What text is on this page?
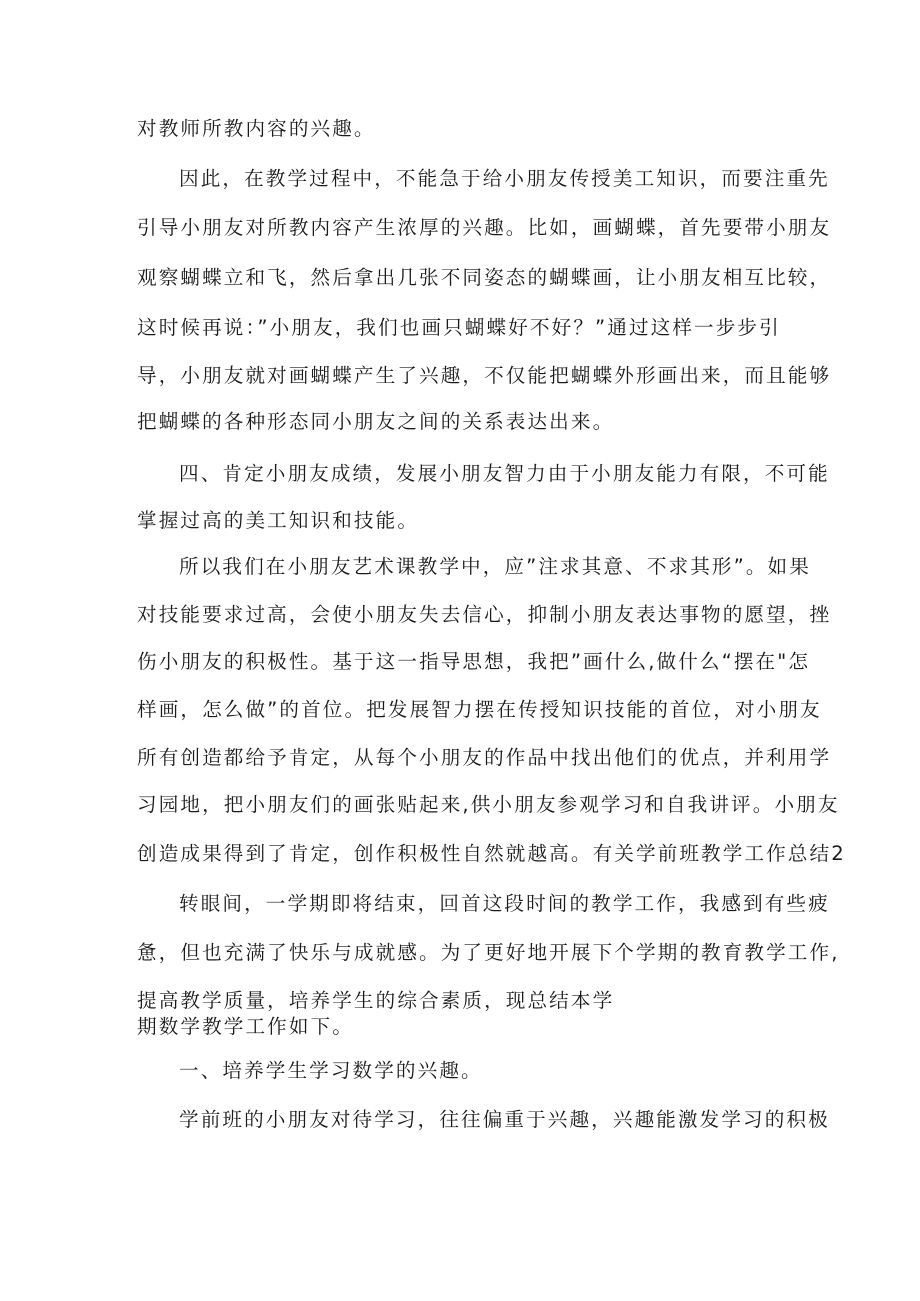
对教师所教内容的兴趣。

因此，在教学过程中，不能急于给小朋友传授美工知识，而要注重先

引导小朋友对所教内容产生浓厚的兴趣。比如，画蝴蝶，首先要带小朋友

观察蝴蝶立和飞，然后拿出几张不同姿态的蝴蝶画，让小朋友相互比较，

这时候再说：”小朋友，我们也画只蝴蝶好不好？”通过这样一步步引

导，小朋友就对画蝴蝶产生了兴趣，不仅能把蝴蝶外形画出来，而且能够

把蝴蝶的各种形态同小朋友之间的关系表达出来。

四、肯定小朋友成绩，发展小朋友智力由于小朋友能力有限，不可能

掌握过高的美工知识和技能。

所以我们在小朋友艺术课教学中，应”注求其意、不求其形”。如果

对技能要求过高，会使小朋友失去信心，抑制小朋友表达事物的愿望，挫

伤小朋友的积极性。基于这一指导思想，我把”画什么,做什么“摆在"怎

样画，怎么做”的首位。把发展智力摆在传授知识技能的首位，对小朋友

所有创造都给予肯定，从每个小朋友的作品中找出他们的优点，并利用学

习园地，把小朋友们的画张贴起来,供小朋友参观学习和自我讲评。小朋友

创造成果得到了肯定，创作积极性自然就越高。有关学前班教学工作总结2

转眼间，一学期即将结束，回首这段时间的教学工作，我感到有些疲

惫，但也充满了快乐与成就感。为了更好地开展下个学期的教育教学工作,

提高教学质量，培养学生的综合素质，现总结本学

期数学教学工作如下。

一、培养学生学习数学的兴趣。

学前班的小朋友对待学习，往往偏重于兴趣，兴趣能激发学习的积极
